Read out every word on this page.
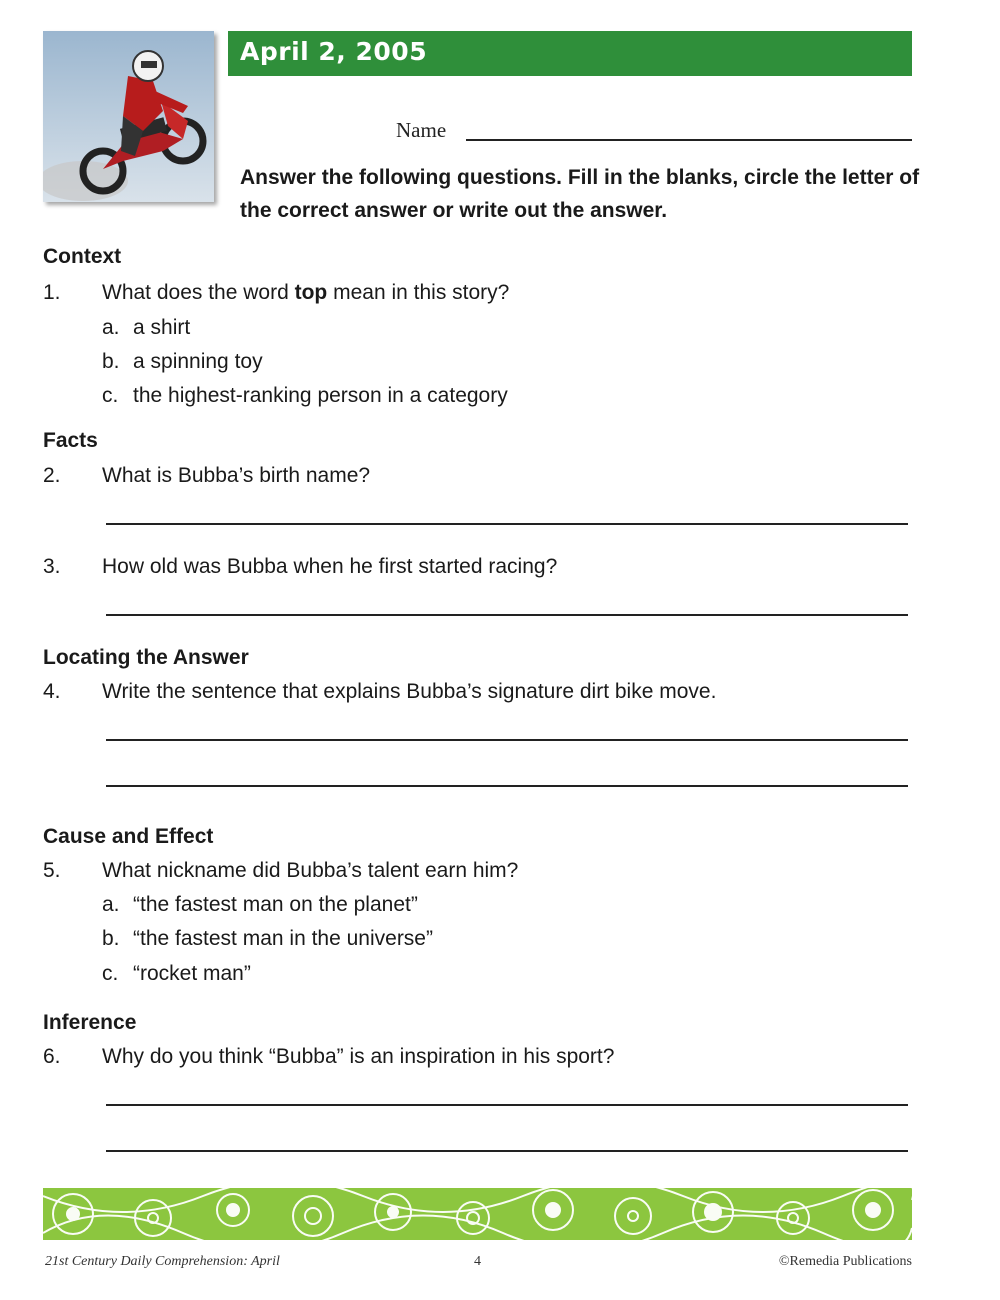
April 2, 2005
Name
Answer the following questions. Fill in the blanks, circle the letter of the correct answer or write out the answer.
Context
1. What does the word top mean in this story?
a. a shirt
b. a spinning toy
c. the highest-ranking person in a category
Facts
2. What is Bubba’s birth name?
3. How old was Bubba when he first started racing?
Locating the Answer
4. Write the sentence that explains Bubba’s signature dirt bike move.
Cause and Effect
5. What nickname did Bubba’s talent earn him?
a. “the fastest man on the planet”
b. “the fastest man in the universe”
c. “rocket man”
Inference
6. Why do you think “Bubba” is an inspiration in his sport?
21st Century Daily Comprehension: April	4	©Remedia Publications
